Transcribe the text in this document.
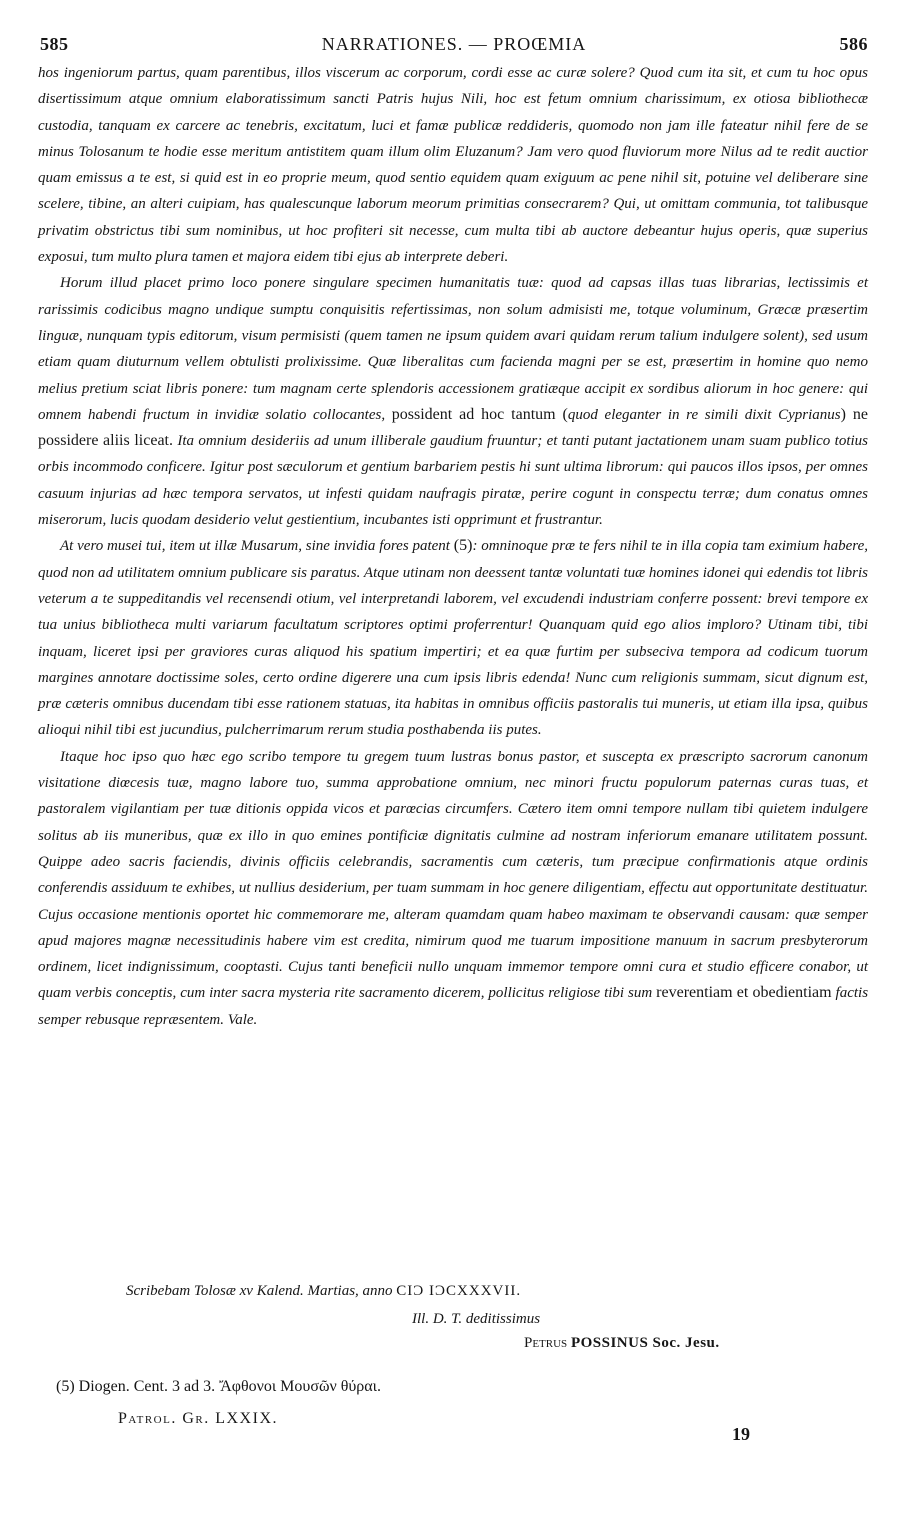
585	NARRATIONES. — PROŒMIA	586

hos ingeniorum partus, quam parentibus, illos viscerum ac corporum, cordi esse ac curæ solere? Quod cum ita sit, et cum tu hoc opus disertissimum atque omnium elaboratissimum sancti Patris hujus Nili, hoc est fetum omnium charissimum, ex otiosa bibliothecæ custodia, tanquam ex carcere ac tenebris, excitatum, luci et famæ publicæ reddideris, quomodo non jam ille fateatur nihil fere de se minus Tolosanum te hodie esse meritum antistitem quam illum olim Eluzanum? Jam vero quod fluviorum more Nilus ad te redit auctior quam emissus a te est, si quid est in eo proprie meum, quod sentio equidem quam exiguum ac pene nihil sit, potuine vel deliberare sine scelere, tibine, an alteri cuipiam, has qualescunque laborum meorum primitias consecrarem? Qui, ut omittam communia, tot talibusque privatim obstrictus tibi sum nominibus, ut hoc profiteri sit necesse, cum multa tibi ab auctore debeantur hujus operis, quæ superius exposui, tum multo plura tamen et majora eidem tibi ejus ab interprete deberi.

Horum illud placet primo loco ponere singulare specimen humanitatis tuæ: quod ad capsas illas tuas librarias, lectissimis et rarissimis codicibus magno undique sumptu conquisitis refertissimas, non solum admisisti me, totque voluminum, Græcæ præsertim linguæ, nunquam typis editorum, visum permisisti (quem tamen ne ipsum quidem avari quidam rerum talium indulgere solent), sed usum etiam quam diuturnum vellem obtulisti prolixissime. Quæ liberalitas cum facienda magni per se est, præsertim in homine quo nemo melius pretium sciat libris ponere: tum magnam certe splendoris accessionem gratiæque accipit ex sordibus aliorum in hoc genere: qui omnem habendi fructum in invidiæ solatio collocantes, possident ad hoc tantum (quod eleganter in re simili dixit Cyprianus) ne possidere aliis liceat. Ita omnium desideriis ad unum illiberale gaudium fruuntur; et tanti putant jactationem unam suam publico totius orbis incommodo conficere. Igitur post sæculorum et gentium barbariem pestis hi sunt ultima librorum: qui paucos illos ipsos, per omnes casuum injurias ad hæc tempora servatos, ut infesti quidam naufragis piratæ, perire cogunt in conspectu terræ; dum conatus omnes miserorum, lucis quodam desiderio velut gestientium, incubantes isti opprimunt et frustrantur.

At vero musei tui, item ut illæ Musarum, sine invidia fores patent (5): omninoque præ te fers nihil te in illa copia tam eximium habere, quod non ad utilitatem omnium publicare sis paratus. Atque utinam non deessent tantæ voluntati tuæ homines idonei qui edendis tot libris veterum a te suppeditandis vel recensendi otium, vel interpretandi laborem, vel excudendi industriam conferre possent: brevi tempore ex tua unius bibliotheca multi variarum facultatum scriptores optimi proferrentur! Quanquam quid ego alios imploro? Utinam tibi, tibi inquam, liceret ipsi per graviores curas aliquod his spatium impertiri; et ea quæ furtim per subsecivа tempora ad codicum tuorum margines annotare doctissime soles, certo ordine digerere una cum ipsis libris edenda! Nunc cum religionis summam, sicut dignum est, præ cæteris omnibus ducendam tibi esse rationem statuas, ita habitas in omnibus officiis pastoralis tui muneris, ut etiam illa ipsa, quibus alioqui nihil tibi est jucundius, pulcherrimarum rerum studia posthabenda iis putes.

Itaque hoc ipso quo hæc ego scribo tempore tu gregem tuum lustras bonus pastor, et suscepta ex præscripto sacrorum canonum visitatione diœcesis tuæ, magno labore tuo, summa approbatione omnium, nec minori fructu populorum paternas curas tuas, et pastoralem vigilantiam per tuæ ditionis oppida vicos et parœcias circumfers. Cætero item omni tempore nullam tibi quietem indulgere solitus ab iis muneribus, quæ ex illo in quo emines pontificiæ dignitatis culmine ad nostram inferiorum emanare utilitatem possunt. Quippe adeo sacris faciendis, divinis officiis celebrandis, sacramentis cum cæteris, tum præcipue confirmationis atque ordinis conferendis assiduum te exhibes, ut nullius desiderium, per tuam summam in hoc genere diligentiam, effectu aut opportunitate destituatur. Cujus occasione mentionis oportet hic commemorare me, alteram quamdam quam habeo maximam te observandi causam: quæ semper apud majores magnæ necessitudinis habere vim est credita, nimirum quod me tuarum impositione manuum in sacrum presbyterorum ordinem, licet indignissimum, cooptasti. Cujus tanti beneficii nullo unquam immemor tempore omni cura et studio efficere conabor, ut quam verbis conceptis, cum inter sacra mysteria rite sacramento dicerem, pollicitus religiose tibi sum reverentiam et obedientiam factis semper rebusque repræsentem. Vale.

Scribebam Tolosæ xv Kalend. Martias, anno CIϽ IϽCXXXVII.
Ill. D. T. deditissimus
Petrus POSSINUS Soc. Jesu.
(5) Diogen. Cent. 3 ad 3. Ἄφθονοι Μουσῶν θύραι.
Patrol. Gr. LXXIX.
19
